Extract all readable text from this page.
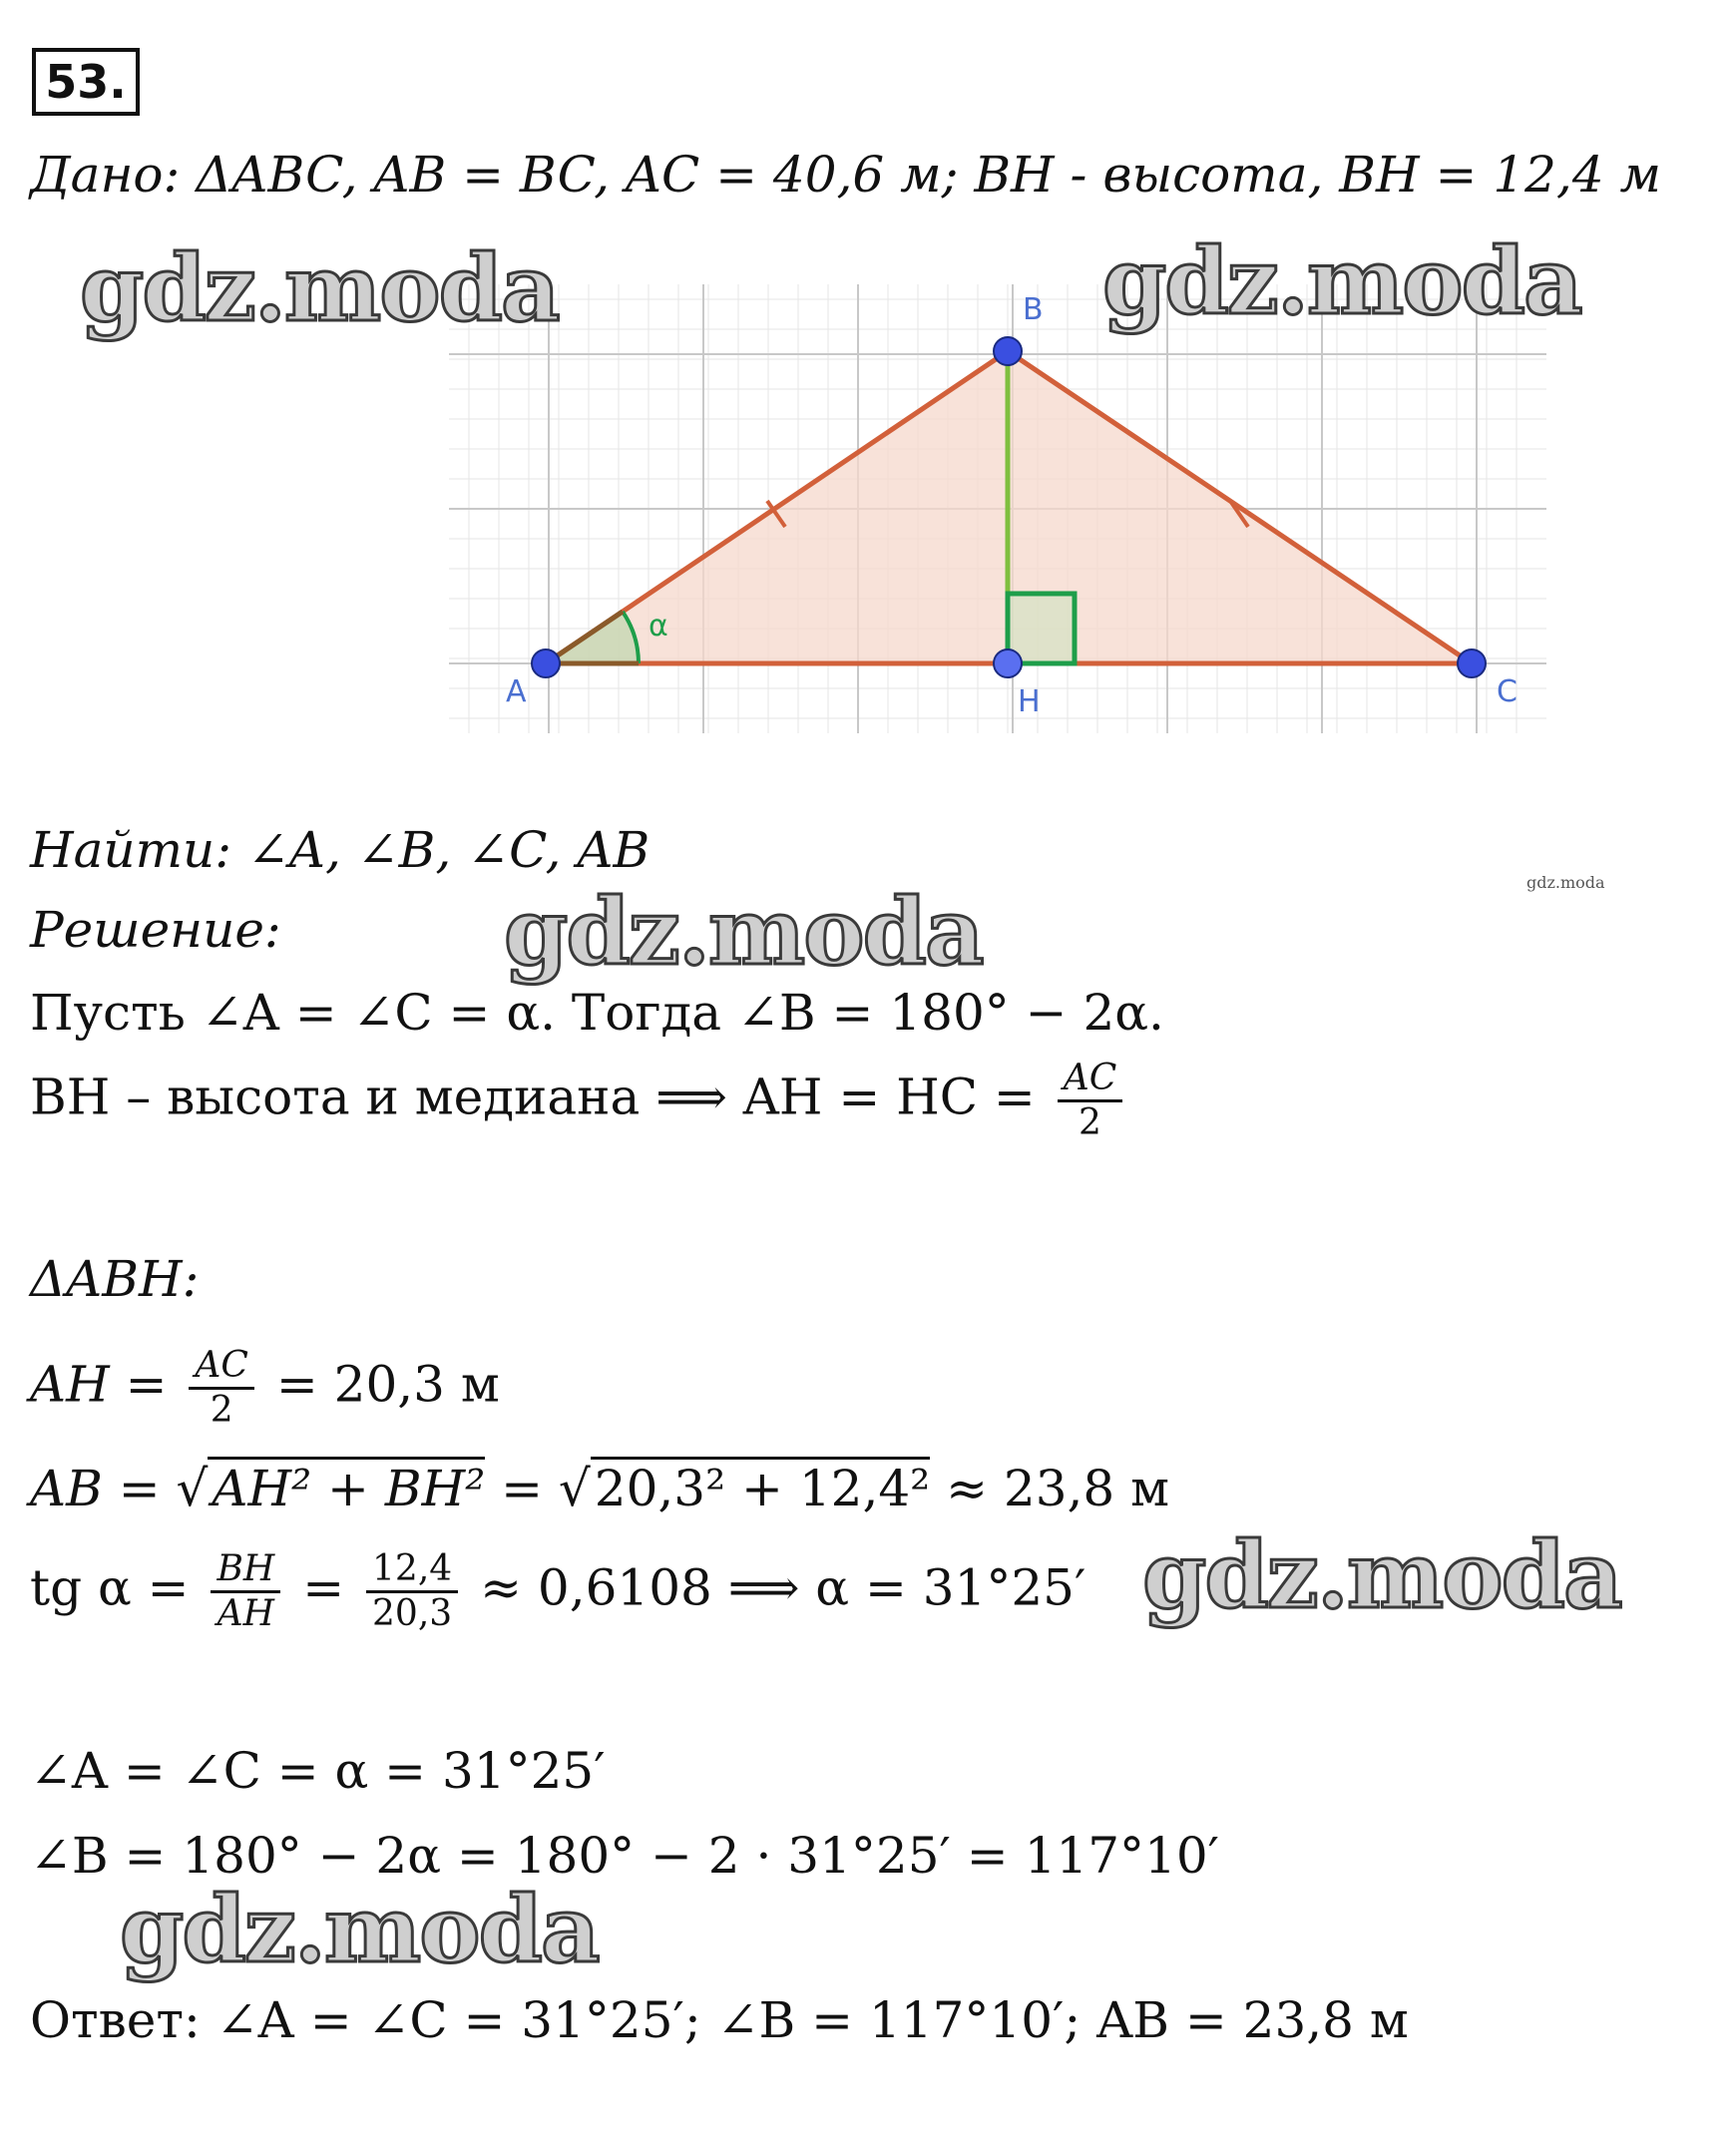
53.
Дано: ΔABC, AB = BC, AC = 40,6 м; BH - высота, BH = 12,4 м
A
B
C
H
α
Найти: ∠A, ∠B, ∠C, AB
Решение:
Пусть ∠A = ∠C = α. Тогда ∠B = 180° − 2α.
BH – высота и медиана ⟹ AH = HC = $\frac{AC}{2}$
ΔABH:
AH = $\frac{AC}{2} = 20,3$ м
AB = √AH² + BH² = √20,3² + 12,4² ≈ 23,8 м
tg $\alpha = \frac{BH}{AH} = \frac{12,4}{20,3} \approx 0,6108$ ⟹ α = 31°25′
∠A = ∠C = α = 31°25′
∠B = 180° − 2α = 180° − 2 · 31°25′ = 117°10′
Ответ: ∠A = ∠C = 31°25′; ∠B = 117°10′; AB = 23,8 м
gdz.moda	gdz.moda
gdz.moda
gdz.moda
gdz.moda
gdz.moda
